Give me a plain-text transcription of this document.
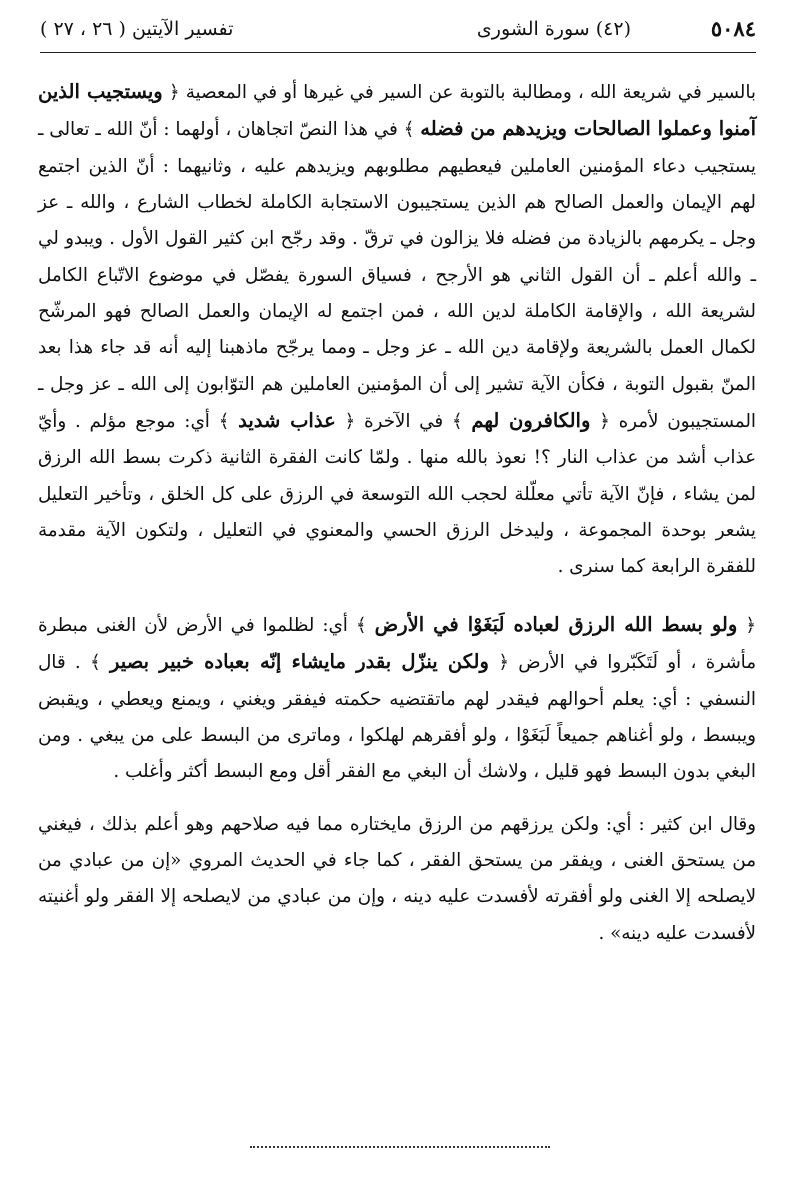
٥٠٨٤
(٤٢) سورة الشورى
تفسير الآيتين ( ٢٦ ، ٢٧ )

بالسير في شريعة الله ، ومطالبة بالتوبة عن السير في غيرها أو في المعصية ﴿ ويستجيب الذين آمنوا وعملوا الصالحات ويزيدهم من فضله ﴾ في هذا النصّ اتجاهان ، أولهما : أنّ الله ـ تعالى ـ يستجيب دعاء المؤمنين العاملين فيعطيهم مطلوبهم ويزيدهم عليه ، وثانيهما : أنّ الذين اجتمع لهم الإيمان والعمل الصالح هم الذين يستجيبون الاستجابة الكاملة لخطاب الشارع ، والله ـ عز وجل ـ يكرمهم بالزيادة من فضله فلا يزالون في ترقّ . وقد رجّح ابن كثير القول الأول . ويبدو لي ـ والله أعلم ـ أن القول الثاني هو الأرجح ، فسياق السورة يفصّل في موضوع الاتّباع الكامل لشريعة الله ، والإقامة الكاملة لدين الله ، فمن اجتمع له الإيمان والعمل الصالح فهو المرشّح لكمال العمل بالشريعة ولإقامة دين الله ـ عز وجل ـ ومما يرجّح ماذهبنا إليه أنه قد جاء هذا بعد المنّ بقبول التوبة ، فكأن الآية تشير إلى أن المؤمنين العاملين هم التوّابون إلى الله ـ عز وجل ـ المستجيبون لأمره ﴿ والكافرون لهم ﴾ في الآخرة ﴿ عذاب شديد ﴾ أي: موجع مؤلم . وأيّ عذاب أشد من عذاب النار ؟! نعوذ بالله منها . ولمّا كانت الفقرة الثانية ذكرت بسط الله الرزق لمن يشاء ، فإنّ الآية تأتي معلّلة لحجب الله التوسعة في الرزق على كل الخلق ، وتأخير التعليل يشعر بوحدة المجموعة ، وليدخل الرزق الحسي والمعنوي في التعليل ، ولتكون الآية مقدمة للفقرة الرابعة كما سنرى .

﴿ ولو بسط الله الرزق لعباده لَبَغَوْا في الأرض ﴾ أي: لظلموا في الأرض لأن الغنى مبطرة مأشرة ، أو لَتَكَبّروا في الأرض ﴿ ولكن ينزّل بقدر مايشاء إنّه بعباده خبير بصير ﴾ . قال النسفي : أي: يعلم أحوالهم فيقدر لهم ماتقتضيه حكمته فيفقر ويغني ، ويمنع ويعطي ، ويقبض ويبسط ، ولو أغناهم جميعاً لَبَغَوْا ، ولو أفقرهم لهلكوا ، وماترى من البسط على من يبغي . ومن البغي بدون البسط فهو قليل ، ولاشك أن البغي مع الفقر أقل ومع البسط أكثر وأغلب .

وقال ابن كثير : أي: ولكن يرزقهم من الرزق مايختاره مما فيه صلاحهم وهو أعلم بذلك ، فيغني من يستحق الغنى ، ويفقر من يستحق الفقر ، كما جاء في الحديث المروي «إن من عبادي من لايصلحه إلا الغنى ولو أفقرته لأفسدت عليه دينه ، وإن من عبادي من لايصلحه إلا الفقر ولو أغنيته لأفسدت عليه دينه» .
